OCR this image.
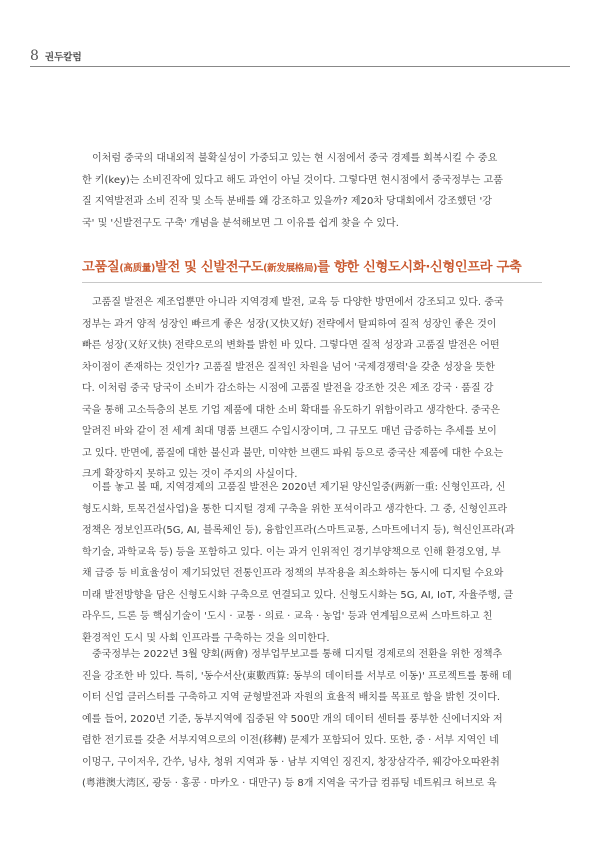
8 권두칼럼

이처럼 중국의 대내외적 불확실성이 가중되고 있는 현 시점에서 중국 경제를 회복시킬 수 중요
한 키(key)는 소비진작에 있다고 해도 과언이 아닐 것이다. 그렇다면 현시점에서 중국정부는 고품
질 지역발전과 소비 진작 및 소득 분배를 왜 강조하고 있을까? 제20차 당대회에서 강조했던 '강
국' 및 '신발전구도 구축' 개념을 분석해보면 그 이유를 쉽게 찾을 수 있다.

고품질(高质量)발전 및 신발전구도(新发展格局)를 향한 신형도시화·신형인프라 구축

고품질 발전은 제조업뿐만 아니라 지역경제 발전, 교육 등 다양한 방면에서 강조되고 있다. 중국
정부는 과거 양적 성장인 빠르게 좋은 성장(又快又好) 전략에서 탈피하여 질적 성장인 좋은 것이
빠른 성장(又好又快) 전략으로의 변화를 밝힌 바 있다. 그렇다면 질적 성장과 고품질 발전은 어떤
차이점이 존재하는 것인가? 고품질 발전은 질적인 차원을 넘어 '국제경쟁력'을 갖춘 성장을 뜻한
다. 이처럼 중국 당국이 소비가 감소하는 시점에 고품질 발전을 강조한 것은 제조 강국 · 품질 강
국을 통해 고소득층의 본토 기업 제품에 대한 소비 확대를 유도하기 위함이라고 생각한다. 중국은
알려진 바와 같이 전 세계 최대 명품 브랜드 수입시장이며, 그 규모도 매년 급증하는 추세를 보이
고 있다. 반면에, 품질에 대한 불신과 불만, 미약한 브랜드 파워 등으로 중국산 제품에 대한 수요는
크게 확장하지 못하고 있는 것이 주지의 사실이다.

이를 놓고 볼 때, 지역경제의 고품질 발전은 2020년 제기된 양신일중(两新一重: 신형인프라, 신
형도시화, 토목건설사업)을 통한 디지털 경제 구축을 위한 포석이라고 생각한다. 그 중, 신형인프라
정책은 정보인프라(5G, AI, 블록체인 등), 융합인프라(스마트교통, 스마트에너지 등), 혁신인프라(과
학기술, 과학교육 등) 등을 포함하고 있다. 이는 과거 인위적인 경기부양책으로 인해 환경오염, 부
채 급증 등 비효율성이 제기되었던 전통인프라 정책의 부작용을 최소화하는 동시에 디지털 수요와
미래 발전방향을 담은 신형도시화 구축으로 연결되고 있다. 신형도시화는 5G, AI, IoT, 자율주행, 클
라우드, 드론 등 핵심기술이 '도시 · 교통 · 의료 · 교육 · 농업' 등과 연계됨으로써 스마트하고 친
환경적인 도시 및 사회 인프라를 구축하는 것을 의미한다.

중국정부는 2022년 3월 양회(两會) 정부업무보고를 통해 디지털 경제로의 전환을 위한 정책추
진을 강조한 바 있다. 특히, '동수서산(東數西算: 동부의 데이터를 서부로 이동)' 프로젝트를 통해 데
이터 신업 클러스터를 구축하고 지역 균형발전과 자원의 효율적 배치를 목표로 함을 밝힌 것이다.
예를 들어, 2020년 기준, 동부지역에 집중된 약 500만 개의 데이터 센터를 풍부한 신에너지와 저
렴한 전기료를 갖춘 서부지역으로의 이전(移轉) 문제가 포함되어 있다. 또한, 중 · 서부 지역인 네
이멍구, 구이저우, 간쑤, 닝샤, 청위 지역과 동 · 남부 지역인 징진지, 창장삼각주, 웨강아오따완취
(粤港澳大湾区, 광둥 · 홍콩 · 마카오 · 대만구) 등 8개 지역을 국가급 컴퓨팅 네트워크 허브로 육
